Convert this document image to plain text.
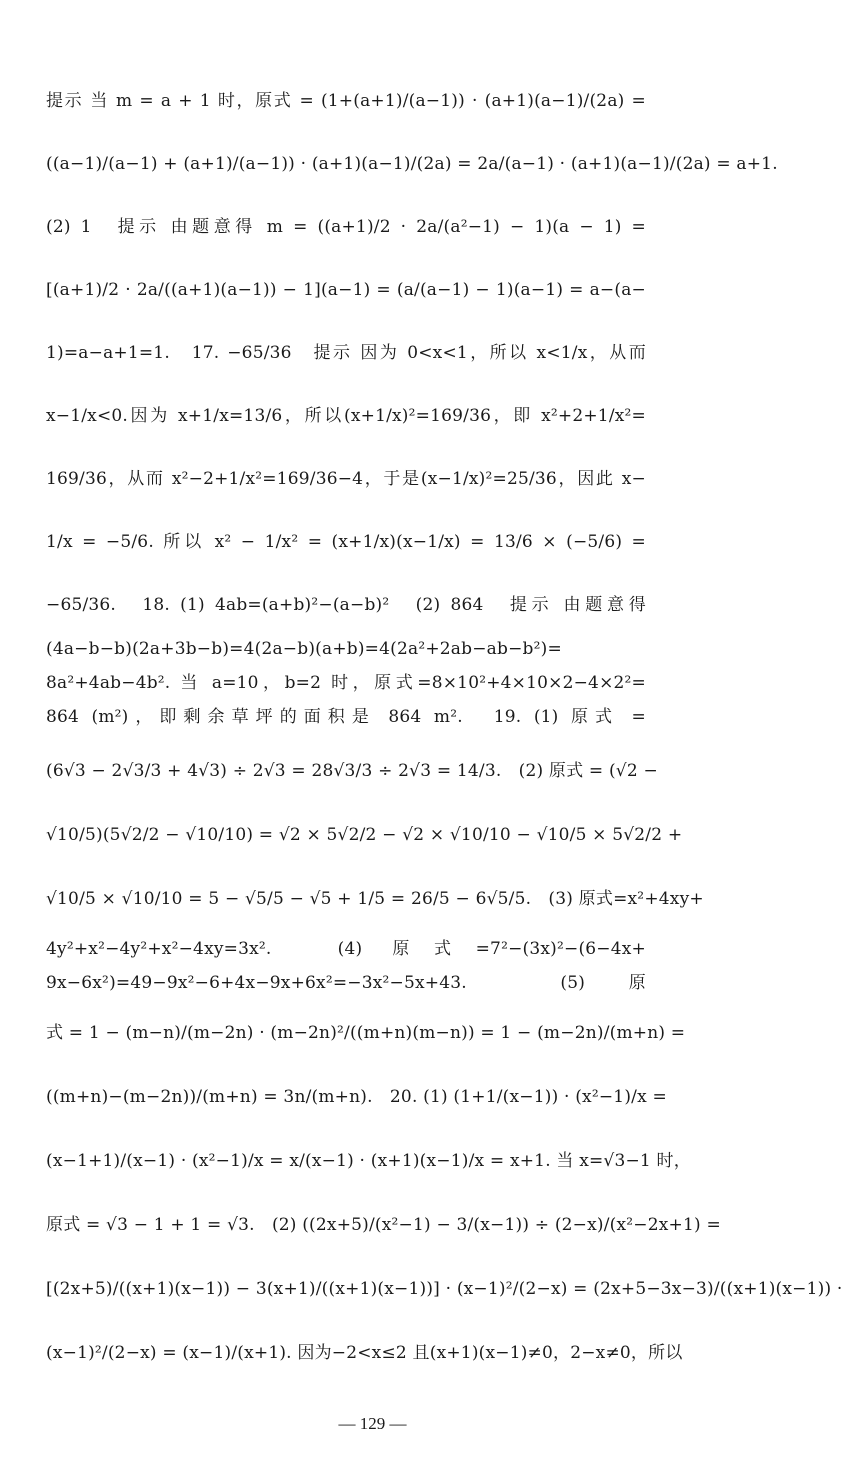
提示 当 m = a + 1 时，原式 = (1+(a+1)/(a−1)) · (a+1)(a−1)/(2a) =
((a−1)/(a−1) + (a+1)/(a−1)) · (a+1)(a−1)/(2a) = 2a/(a−1) · (a+1)(a−1)/(2a) = a+1.
(2) 1　提示 由题意得 m = ((a+1)/2 · 2a/(a²−1) − 1)(a − 1) =
[(a+1)/2 · 2a/((a+1)(a−1)) − 1](a−1) = (a/(a−1) − 1)(a−1) = a−(a−
1)=a−a+1=1.　17. −65/36　提示 因为 0<x<1，所以 x<1/x，从而
x−1/x<0.因为 x+1/x=13/6，所以(x+1/x)²=169/36，即 x²+2+1/x²=
169/36，从而 x²−2+1/x²=169/36−4，于是(x−1/x)²=25/36，因此 x−
1/x = −5/6. 所以 x² − 1/x² = (x+1/x)(x−1/x) = 13/6 × (−5/6) =
−65/36.　18. (1) 4ab=(a+b)²−(a−b)²　(2) 864　提示 由题意得
(4a−b−b)(2a+3b−b)=4(2a−b)(a+b)=4(2a²+2ab−ab−b²)=
8a²+4ab−4b². 当 a=10，b=2 时，原式=8×10²+4×10×2−4×2²=
864 (m²)，即剩余草坪的面积是 864 m².　19. (1) 原式 =
(6√3 − 2√3/3 + 4√3) ÷ 2√3 = 28√3/3 ÷ 2√3 = 14/3.　(2) 原式 = (√2 −
√10/5)(5√2/2 − √10/10) = √2 × 5√2/2 − √2 × √10/10 − √10/5 × 5√2/2 +
√10/5 × √10/10 = 5 − √5/5 − √5 + 1/5 = 26/5 − 6√5/5.　(3) 原式=x²+4xy+
4y²+x²−4y²+x²−4xy=3x².　(4) 原式=7²−(3x)²−(6−4x+
9x−6x²)=49−9x²−6+4x−9x+6x²=−3x²−5x+43.　(5) 原
式 = 1 − (m−n)/(m−2n) · (m−2n)²/((m+n)(m−n)) = 1 − (m−2n)/(m+n) =
((m+n)−(m−2n))/(m+n) = 3n/(m+n).　20. (1) (1+1/(x−1)) · (x²−1)/x =
(x−1+1)/(x−1) · (x²−1)/x = x/(x−1) · (x+1)(x−1)/x = x+1. 当 x=√3−1 时，
原式 = √3 − 1 + 1 = √3.　(2) ((2x+5)/(x²−1) − 3/(x−1)) ÷ (2−x)/(x²−2x+1) =
[(2x+5)/((x+1)(x−1)) − 3(x+1)/((x+1)(x−1))] · (x−1)²/(2−x) = (2x+5−3x−3)/((x+1)(x−1)) ·
(x−1)²/(2−x) = (x−1)/(x+1). 因为−2<x≤2 且(x+1)(x−1)≠0，2−x≠0，所以
— 129 —
